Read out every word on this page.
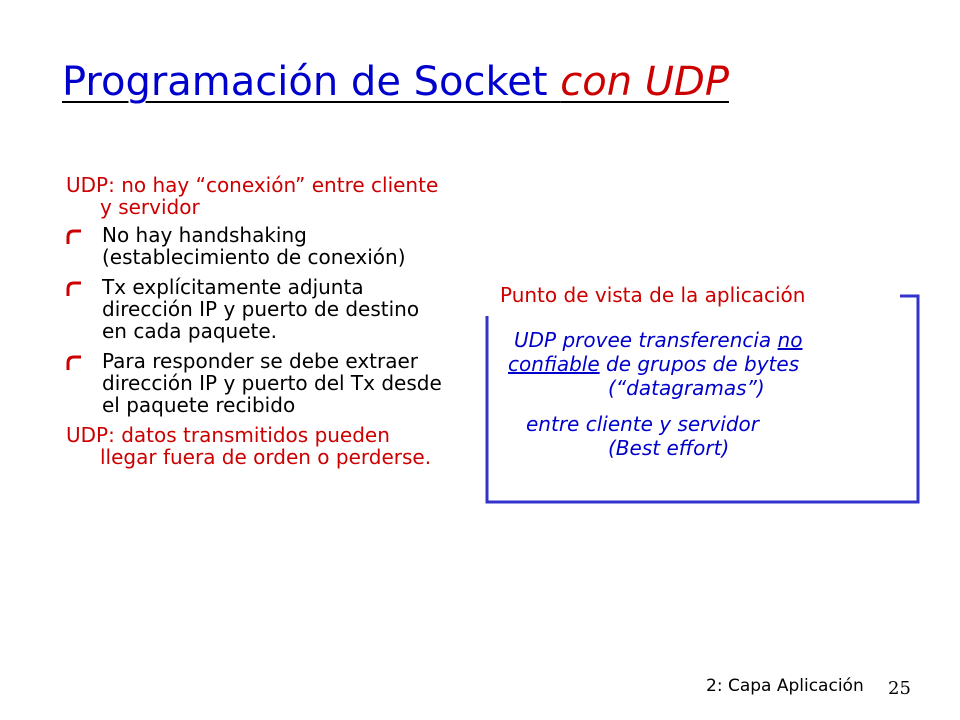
Programación de Socket con UDP

UDP: no hay “conexión” entre cliente y servidor

No hay handshaking (establecimiento de conexión)
Tx explícitamente adjunta dirección IP y puerto de destino en cada paquete.
Para responder se debe extraer dirección IP y puerto del Tx desde el paquete recibido

UDP: datos transmitidos pueden llegar fuera de orden o perderse.

Punto de vista de la aplicación
UDP provee transferencia no
confiable de grupos de bytes
(“datagramas”)
entre cliente y servidor
(Best effort)
2: Capa Aplicación 25
